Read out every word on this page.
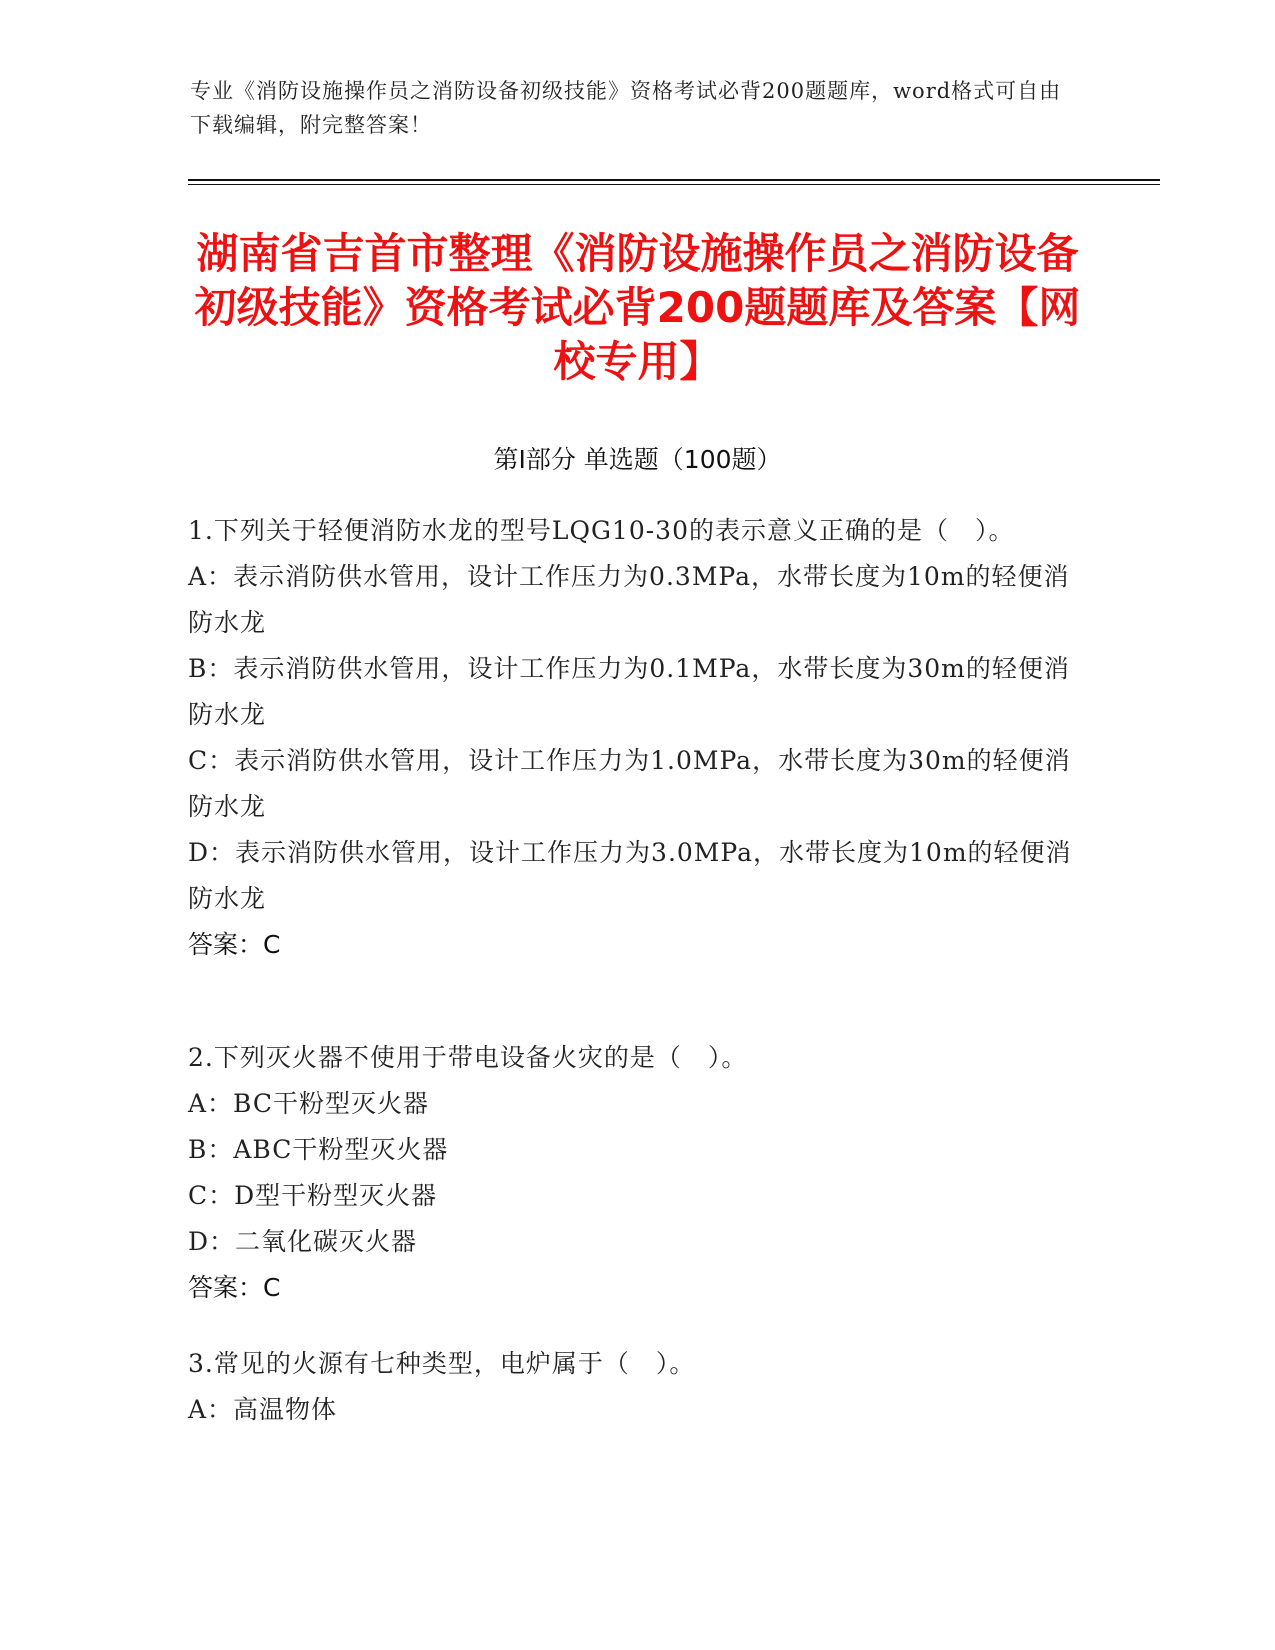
专业《消防设施操作员之消防设备初级技能》资格考试必背200题题库，word格式可自由下载编辑，附完整答案！
湖南省吉首市整理《消防设施操作员之消防设备初级技能》资格考试必背200题题库及答案【网校专用】
第I部分 单选题（100题）
1.下列关于轻便消防水龙的型号LQG10-30的表示意义正确的是（　）。
A：表示消防供水管用，设计工作压力为0.3MPa，水带长度为10m的轻便消防水龙
B：表示消防供水管用，设计工作压力为0.1MPa，水带长度为30m的轻便消防水龙
C：表示消防供水管用，设计工作压力为1.0MPa，水带长度为30m的轻便消防水龙
D：表示消防供水管用，设计工作压力为3.0MPa，水带长度为10m的轻便消防水龙
答案：C
2.下列灭火器不使用于带电设备火灾的是（　）。
A：BC干粉型灭火器
B：ABC干粉型灭火器
C：D型干粉型灭火器
D：二氧化碳灭火器
答案：C
3.常见的火源有七种类型，电炉属于（　）。
A：高温物体
